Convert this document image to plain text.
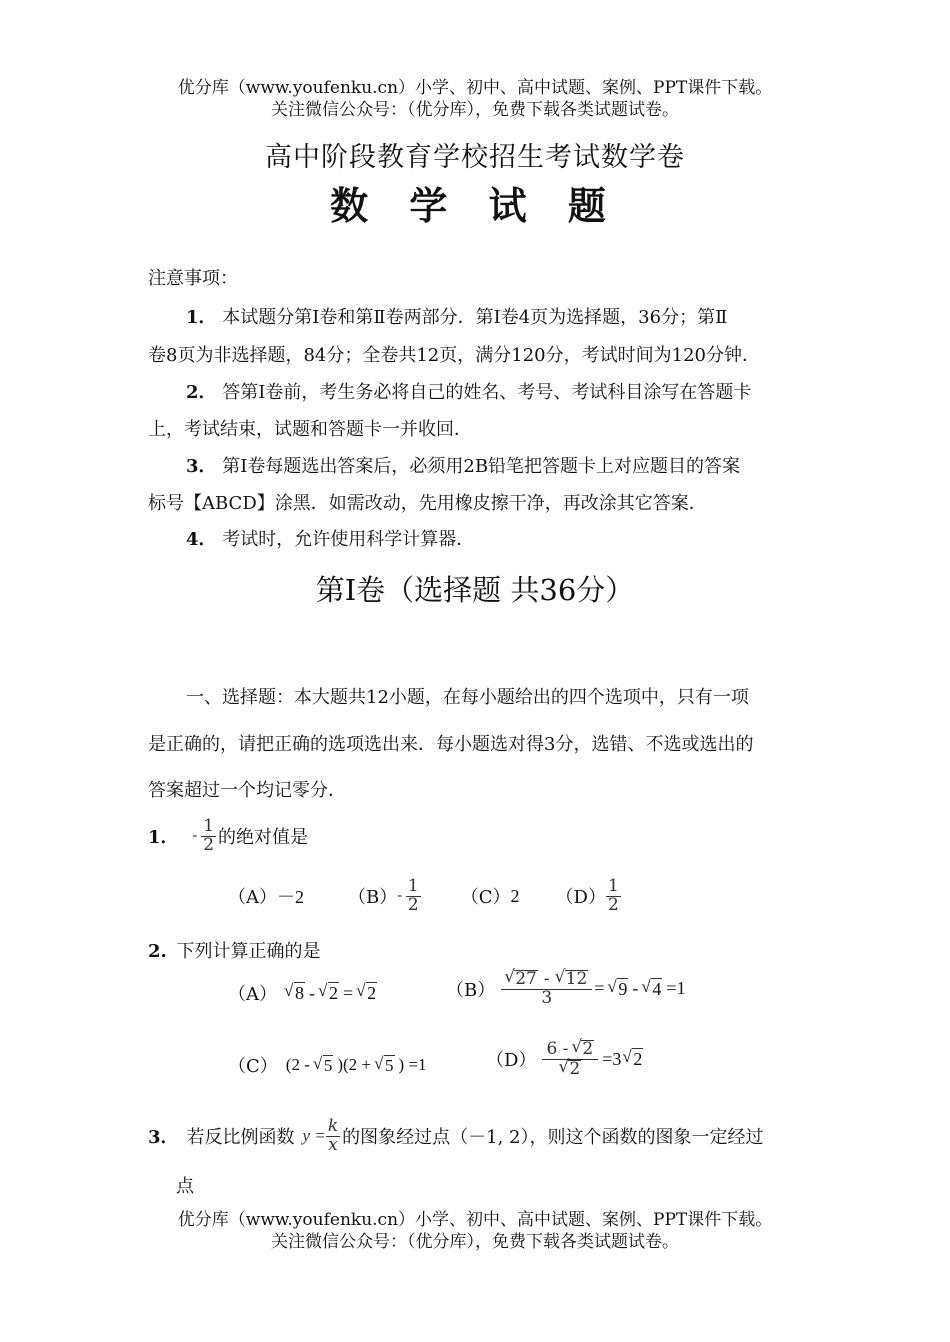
优分库（www.youfenku.cn）小学、初中、高中试题、案例、PPT课件下载。
关注微信公众号：（优分库），免费下载各类试题试卷。
高中阶段教育学校招生考试数学卷
数 学 试 题
注意事项：
1． 本试题分第Ⅰ卷和第Ⅱ卷两部分．第Ⅰ卷4页为选择题，36分；第Ⅱ
卷8页为非选择题，84分；全卷共12页，满分120分，考试时间为120分钟．
2． 答第Ⅰ卷前，考生务必将自己的姓名、考号、考试科目涂写在答题卡
上，考试结束，试题和答题卡一并收回．
3． 第Ⅰ卷每题选出答案后，必须用2B铅笔把答题卡上对应题目的答案
标号【ABCD】涂黑．如需改动，先用橡皮擦干净，再改涂其它答案．
4． 考试时，允许使用科学计算器．
第Ⅰ卷（选择题 共36分）
一、选择题：本大题共12小题，在每小题给出的四个选项中，只有一项
是正确的，请把正确的选项选出来．每小题选对得3分，选错、不选或选出的
答案超过一个均记零分．
1． - $\frac{1}{2}$ 的绝对值是
（A） －2 $(B) - \frac{1}{2} (C)$ 2 $(D) \frac{1}{2}$
2. 下列计算正确的是
（A）
√ 8 -
√ 2 =
√ 2	（B）
√ 27 -
√ 12
3 =
√ 9 -
√ 4 =1
（C） (2 -
√ 5 )(2 +
√ 5 ) =1	（D） 6 -
√ 2
√ 2 =3
√ 2
3． 若反比例函数 $y = \frac{k}{x}$ 的图象经过点（－1, 2），则这个函数的图象一定经过
点
优分库（www.youfenku.cn）小学、初中、高中试题、案例、PPT课件下载。
关注微信公众号：（优分库），免费下载各类试题试卷。
